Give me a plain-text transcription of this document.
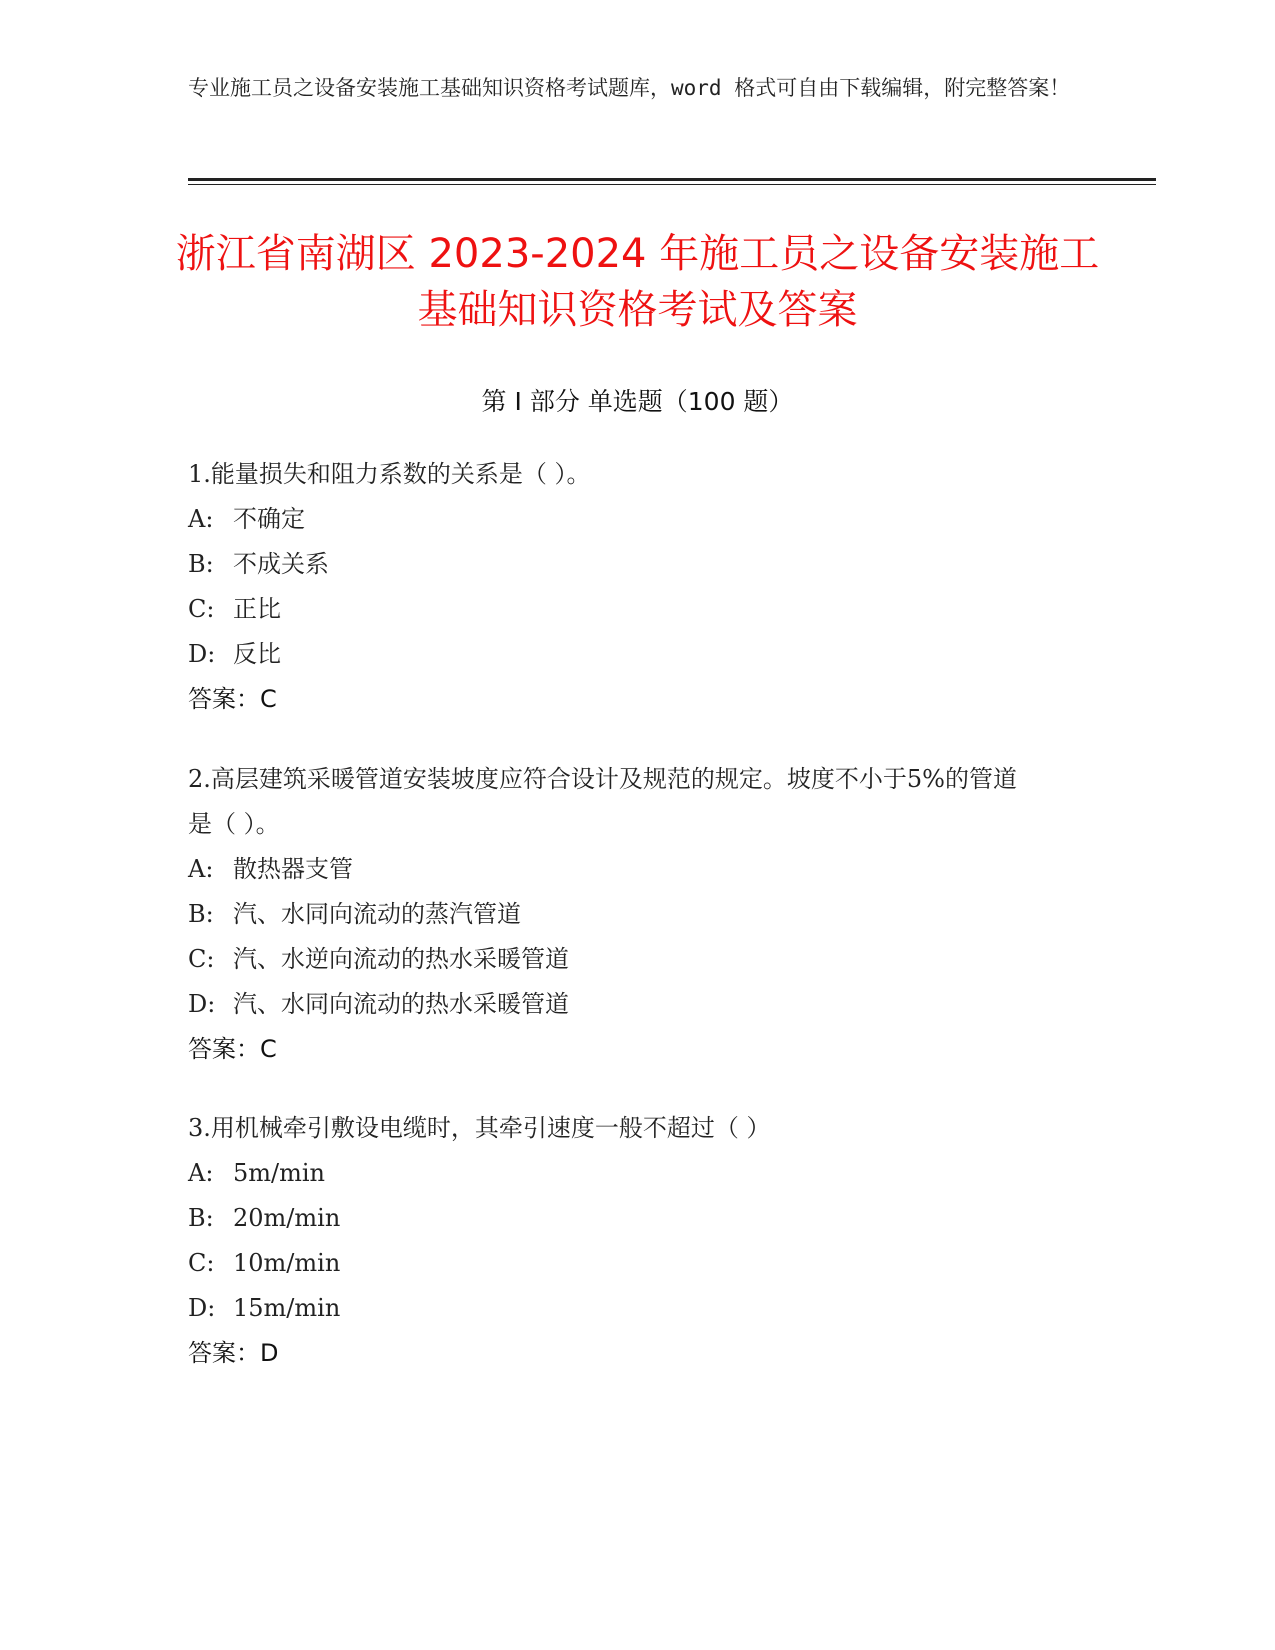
专业施工员之设备安装施工基础知识资格考试题库，word 格式可自由下载编辑，附完整答案！
浙江省南湖区 2023-2024 年施工员之设备安装施工基础知识资格考试及答案
第 I 部分 单选题（100 题）
1.能量损失和阻力系数的关系是（ ）。
A: 不确定
B: 不成关系
C: 正比
D: 反比
答案：C
2.高层建筑采暖管道安装坡度应符合设计及规范的规定。坡度不小于5%的管道是（ ）。
A: 散热器支管
B: 汽、水同向流动的蒸汽管道
C: 汽、水逆向流动的热水采暖管道
D: 汽、水同向流动的热水采暖管道
答案：C
3.用机械牵引敷设电缆时，其牵引速度一般不超过（ ）
A: 5m/min
B: 20m/min
C: 10m/min
D: 15m/min
答案：D
